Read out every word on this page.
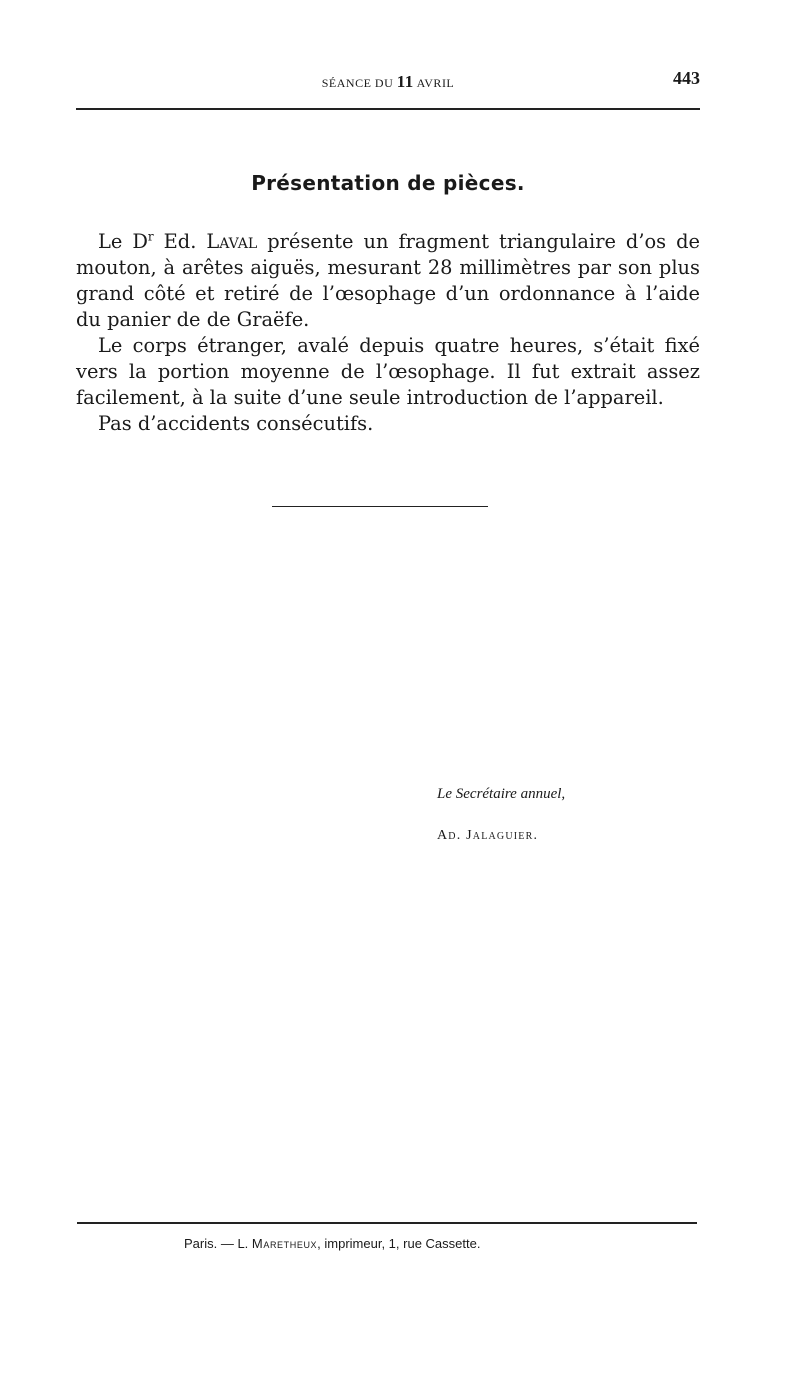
SÉANCE DU 11 AVRIL	443
Présentation de pièces.

Le $D^r$ Ed. Laval présente un fragment triangulaire d’os de mouton, à arêtes aiguës, mesurant 28 millimètres par son plus grand côté et retiré de l’œsophage d’un ordonnance à l’aide du panier de de Graëfe.

Le corps étranger, avalé depuis quatre heures, s’était fixé vers la portion moyenne de l’œsophage. Il fut extrait assez facilement, à la suite d’une seule introduction de l’appareil.

Pas d’accidents consécutifs.

Le Secrétaire annuel,
Ad. Jalaguier.
Paris. — L. Maretheux, imprimeur, 1, rue Cassette.
